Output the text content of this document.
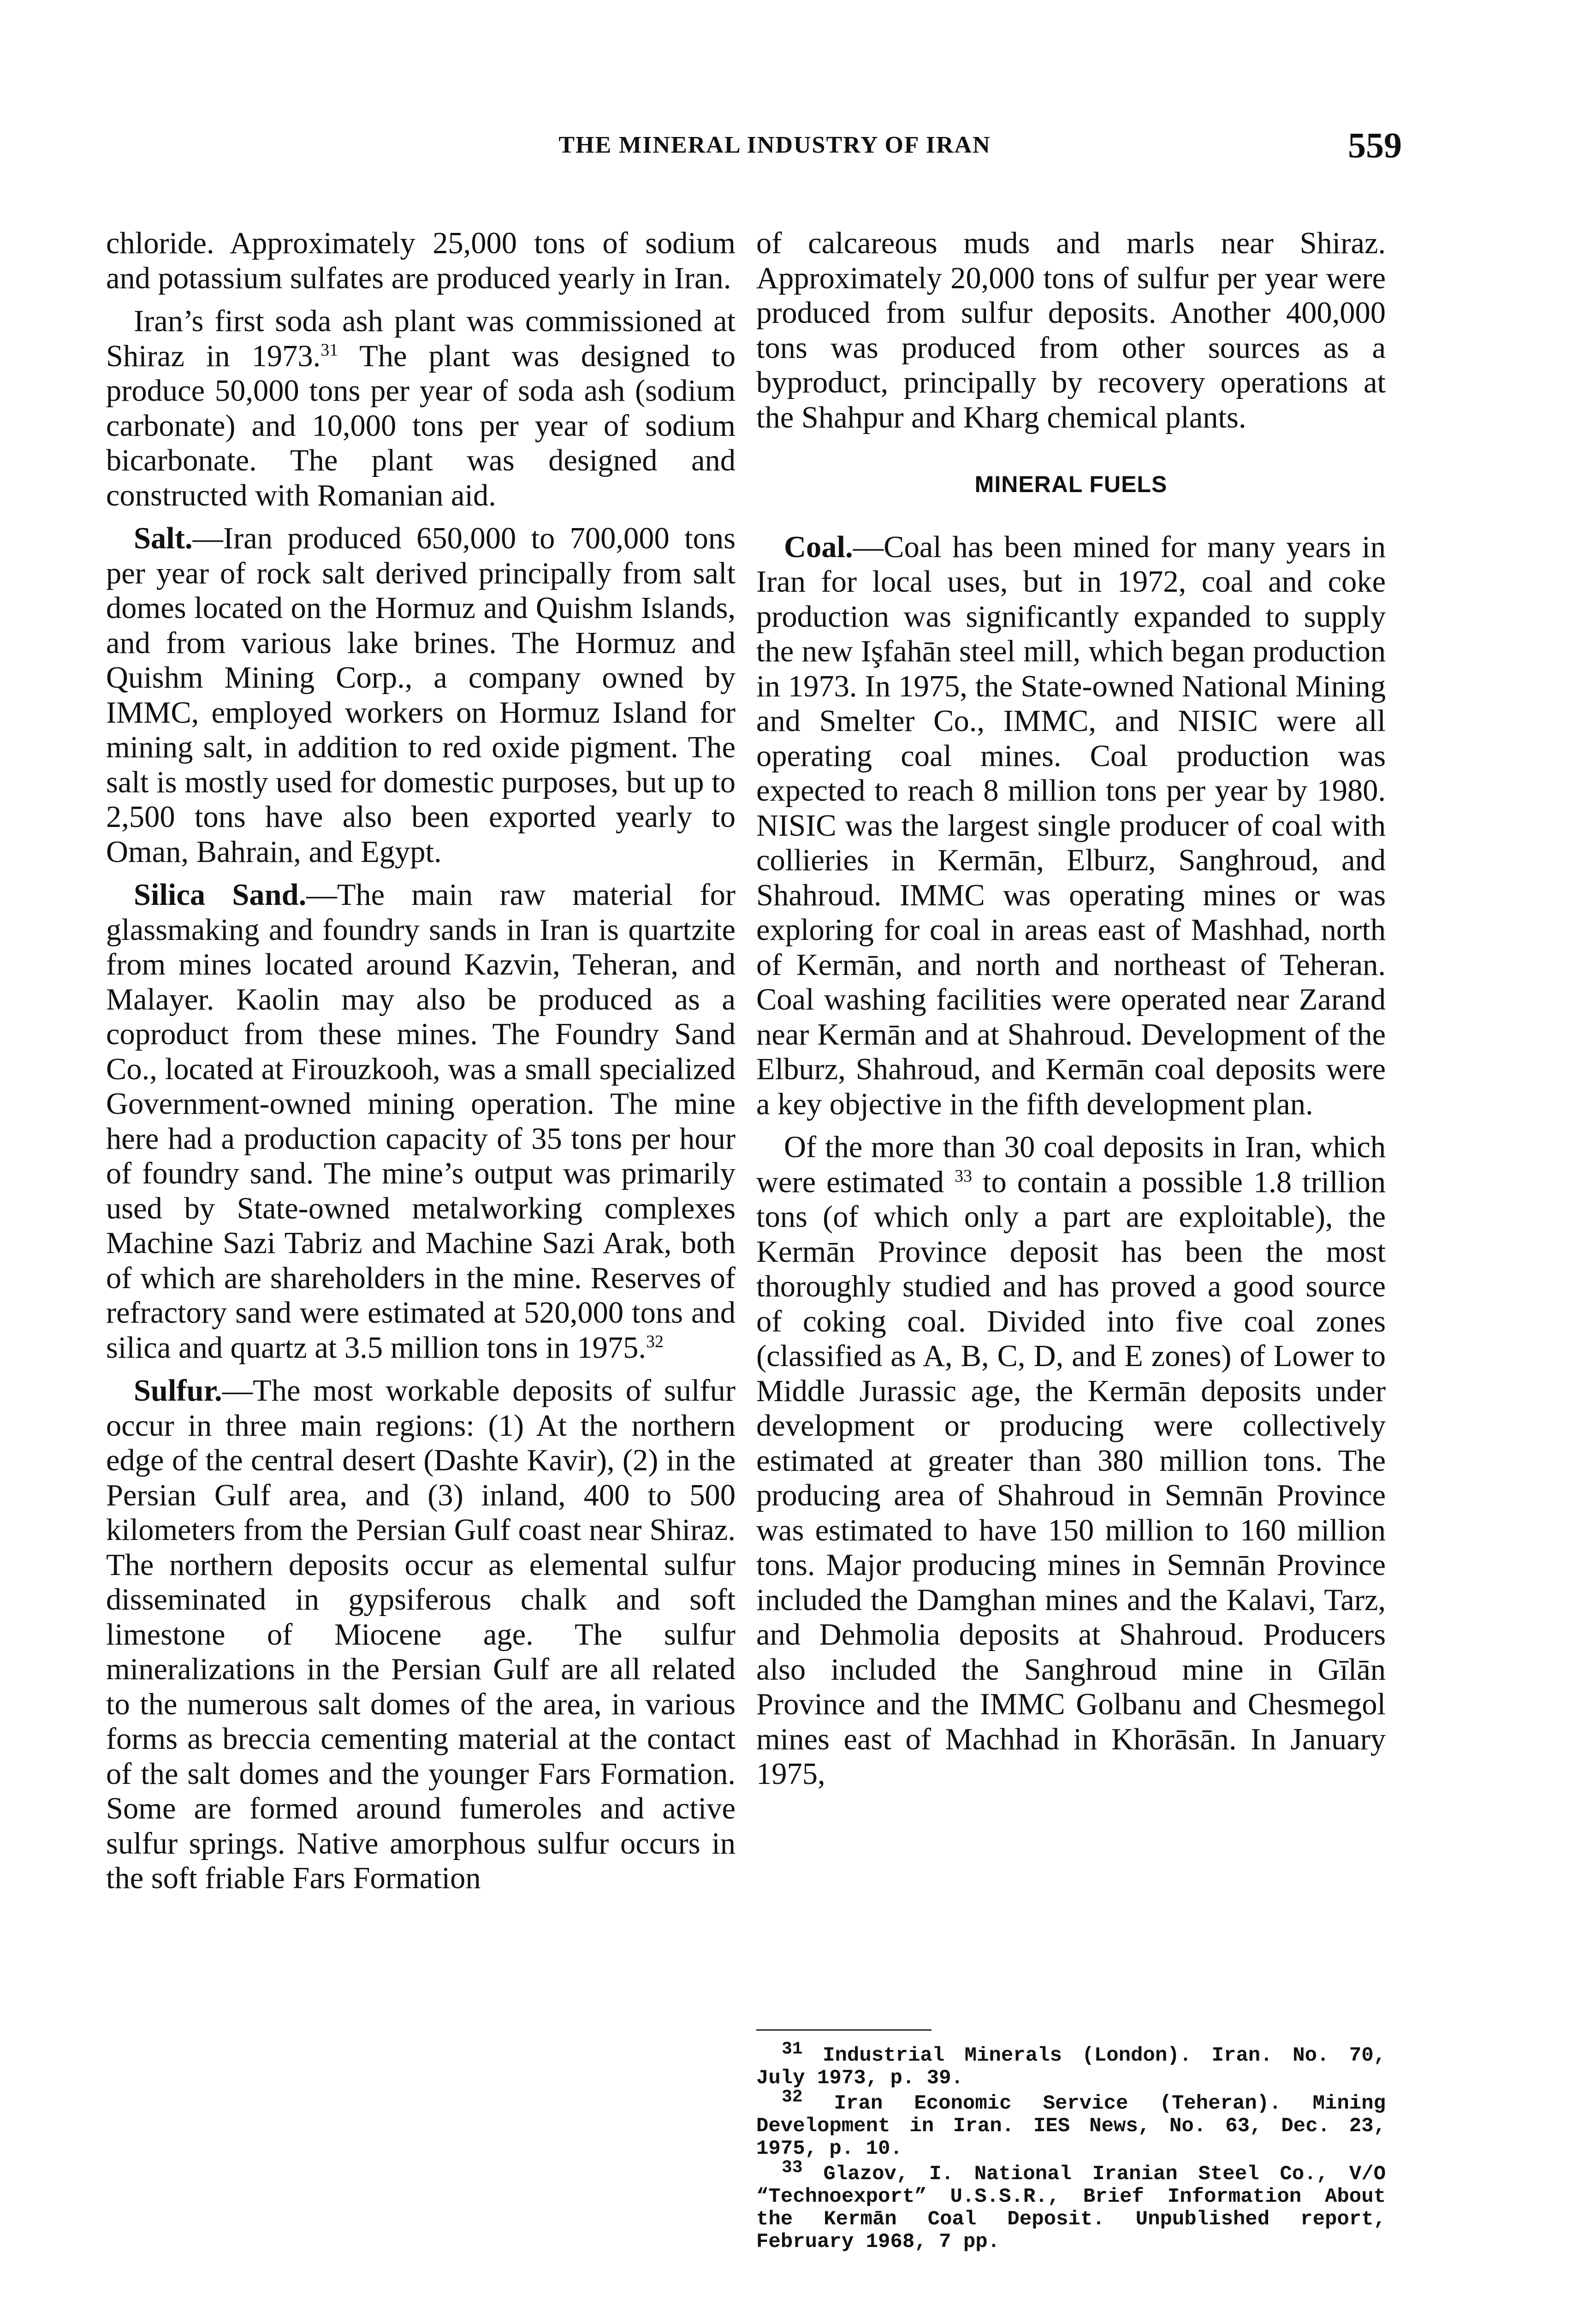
THE MINERAL INDUSTRY OF IRAN	559

chloride. Approximately 25,000 tons of sodium and potassium sulfates are produced yearly in Iran.

Iran’s first soda ash plant was commissioned at Shiraz in 1973.31 The plant was designed to produce 50,000 tons per year of soda ash (sodium carbonate) and 10,000 tons per year of sodium bicarbonate. The plant was designed and constructed with Romanian aid.

Salt.—Iran produced 650,000 to 700,000 tons per year of rock salt derived principally from salt domes located on the Hormuz and Quishm Islands, and from various lake brines. The Hormuz and Quishm Mining Corp., a company owned by IMMC, employed workers on Hormuz Island for mining salt, in addition to red oxide pigment. The salt is mostly used for domestic purposes, but up to 2,500 tons have also been exported yearly to Oman, Bahrain, and Egypt.

Silica Sand.—The main raw material for glassmaking and foundry sands in Iran is quartzite from mines located around Kazvin, Teheran, and Malayer. Kaolin may also be produced as a coproduct from these mines. The Foundry Sand Co., located at Firouzkooh, was a small specialized Government-owned mining operation. The mine here had a production capacity of 35 tons per hour of foundry sand. The mine’s output was primarily used by State-owned metalworking complexes Machine Sazi Tabriz and Machine Sazi Arak, both of which are shareholders in the mine. Reserves of refractory sand were estimated at 520,000 tons and silica and quartz at 3.5 million tons in 1975.32

Sulfur.—The most workable deposits of sulfur occur in three main regions: (1) At the northern edge of the central desert (Dashte Kavir), (2) in the Persian Gulf area, and (3) inland, 400 to 500 kilometers from the Persian Gulf coast near Shiraz. The northern deposits occur as elemental sulfur disseminated in gypsiferous chalk and soft limestone of Miocene age. The sulfur mineralizations in the Persian Gulf are all related to the numerous salt domes of the area, in various forms as breccia cementing material at the contact of the salt domes and the younger Fars Formation. Some are formed around fumeroles and active sulfur springs. Native amorphous sulfur occurs in the soft friable Fars Formation

of calcareous muds and marls near Shiraz. Approximately 20,000 tons of sulfur per year were produced from sulfur deposits. Another 400,000 tons was produced from other sources as a byproduct, principally by recovery operations at the Shahpur and Kharg chemical plants.

MINERAL FUELS

Coal.—Coal has been mined for many years in Iran for local uses, but in 1972, coal and coke production was significantly expanded to supply the new Işfahān steel mill, which began production in 1973. In 1975, the State-owned National Mining and Smelter Co., IMMC, and NISIC were all operating coal mines. Coal production was expected to reach 8 million tons per year by 1980. NISIC was the largest single producer of coal with collieries in Kermān, Elburz, Sanghroud, and Shahroud. IMMC was operating mines or was exploring for coal in areas east of Mashhad, north of Kermān, and north and northeast of Teheran. Coal washing facilities were operated near Zarand near Kermān and at Shahroud. Development of the Elburz, Shahroud, and Kermān coal deposits were a key objective in the fifth development plan.

Of the more than 30 coal deposits in Iran, which were estimated $^{33}$ to contain a possible 1.8 trillion tons (of which only a part are exploitable), the Kermān Province deposit has been the most thoroughly studied and has proved a good source of coking coal. Divided into five coal zones (classified as A, B, C, D, and E zones) of Lower to Middle Jurassic age, the Kermān deposits under development or producing were collectively estimated at greater than 380 million tons. The producing area of Shahroud in Semnān Province was estimated to have 150 million to 160 million tons. Major producing mines in Semnān Province included the Damghan mines and the Kalavi, Tarz, and Dehmolia deposits at Shahroud. Producers also included the Sanghroud mine in Gīlān Province and the IMMC Golbanu and Chesmegol mines east of Machhad in Khorāsān. In January 1975,

$^{31}$ Industrial Minerals (London). Iran. No. 70, July 1973, p. 39.

$^{32}$ Iran Economic Service (Teheran). Mining Development in Iran. IES News, No. 63, Dec. 23, 1975, p. 10.

$^{33}$ Glazov, I. National Iranian Steel Co., V/O “Technoexport” U.S.S.R., Brief Information About the Kermān Coal Deposit. Unpublished report, February 1968, 7 pp.
